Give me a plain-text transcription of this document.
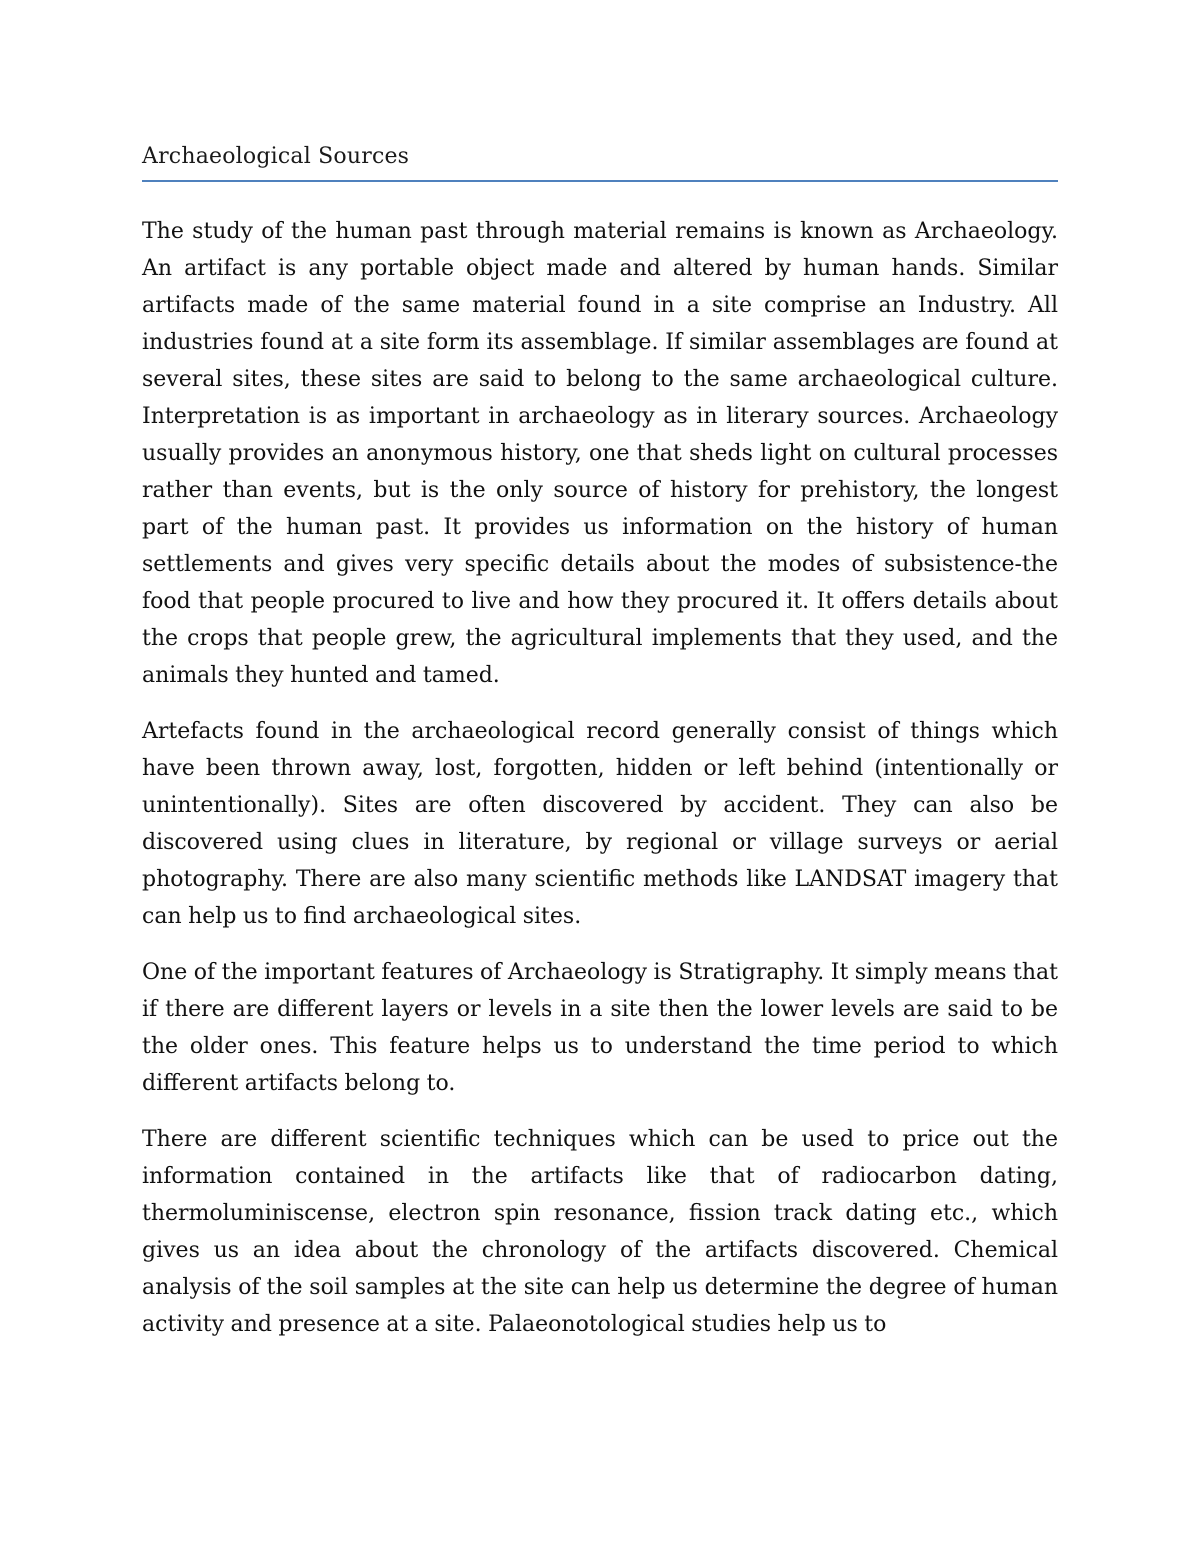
Archaeological Sources

The study of the human past through material remains is known as Archaeology. An artifact is any portable object made and altered by human hands. Similar artifacts made of the same material found in a site comprise an Industry. All industries found at a site form its assemblage. If similar assemblages are found at several sites, these sites are said to belong to the same archaeological culture. Interpretation is as important in archaeology as in literary sources. Archaeology usually provides an anonymous history, one that sheds light on cultural processes rather than events, but is the only source of history for prehistory, the longest part of the human past. It provides us information on the history of human settlements and gives very specific details about the modes of subsistence-the food that people procured to live and how they procured it. It offers details about the crops that people grew, the agricultural implements that they used, and the animals they hunted and tamed.

Artefacts found in the archaeological record generally consist of things which have been thrown away, lost, forgotten, hidden or left behind (intentionally or unintentionally). Sites are often discovered by accident. They can also be discovered using clues in literature, by regional or village surveys or aerial photography. There are also many scientific methods like LANDSAT imagery that can help us to find archaeological sites.

One of the important features of Archaeology is Stratigraphy. It simply means that if there are different layers or levels in a site then the lower levels are said to be the older ones. This feature helps us to understand the time period to which different artifacts belong to.

There are different scientific techniques which can be used to price out the information contained in the artifacts like that of radiocarbon dating, thermoluminiscense, electron spin resonance, fission track dating etc., which gives us an idea about the chronology of the artifacts discovered. Chemical analysis of the soil samples at the site can help us determine the degree of human activity and presence at a site. Palaeonotological studies help us to
